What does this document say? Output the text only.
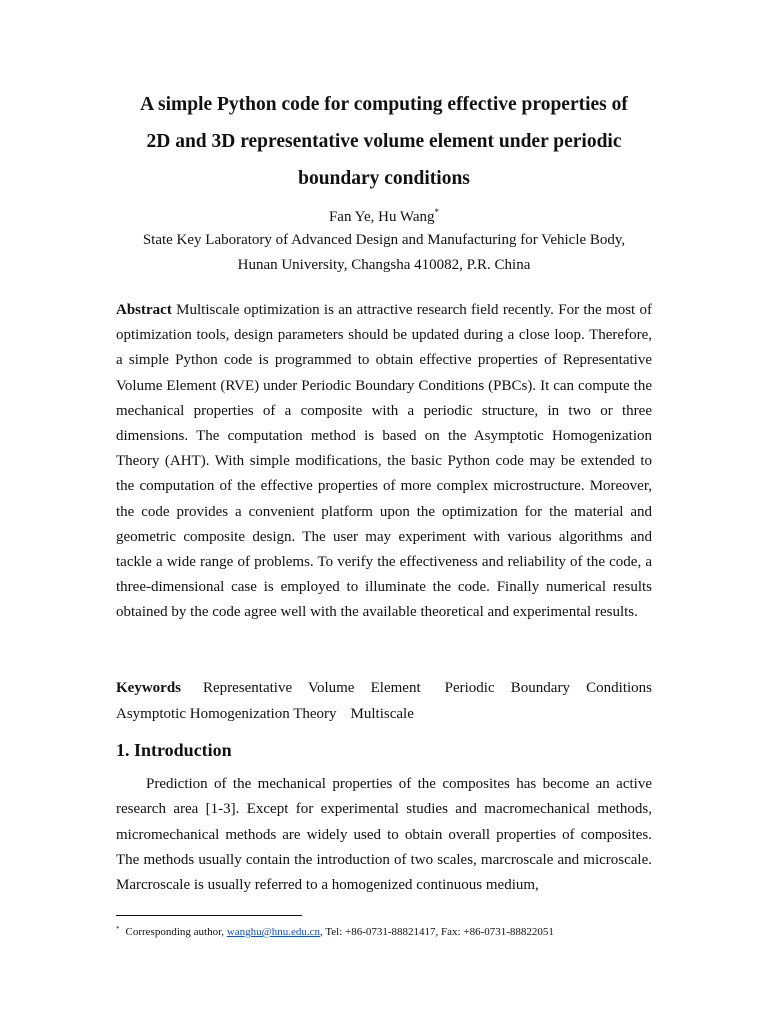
A simple Python code for computing effective properties of
2D and 3D representative volume element under periodic
boundary conditions
Fan Ye, Hu Wang*
State Key Laboratory of Advanced Design and Manufacturing for Vehicle Body,
Hunan University, Changsha 410082, P.R. China

Abstract Multiscale optimization is an attractive research field recently. For the most of optimization tools, design parameters should be updated during a close loop. Therefore, a simple Python code is programmed to obtain effective properties of Representative Volume Element (RVE) under Periodic Boundary Conditions (PBCs). It can compute the mechanical properties of a composite with a periodic structure, in two or three dimensions. The computation method is based on the Asymptotic Homogenization Theory (AHT). With simple modifications, the basic Python code may be extended to the computation of the effective properties of more complex microstructure. Moreover, the code provides a convenient platform upon the optimization for the material and geometric composite design. The user may experiment with various algorithms and tackle a wide range of problems. To verify the effectiveness and reliability of the code, a three-dimensional case is employed to illuminate the code. Finally numerical results obtained by the code agree well with the available theoretical and experimental results.

Keywords Representative Volume Element Periodic Boundary Conditions Asymptotic Homogenization Theory Multiscale

1. Introduction

Prediction of the mechanical properties of the composites has become an active research area [1-3]. Except for experimental studies and macromechanical methods, micromechanical methods are widely used to obtain overall properties of composites. The methods usually contain the introduction of two scales, marcroscale and microscale. Marcroscale is usually referred to a homogenized continuous medium,

* Corresponding author, wanghu@hnu.edu.cn, Tel: +86-0731-88821417, Fax: +86-0731-88822051
